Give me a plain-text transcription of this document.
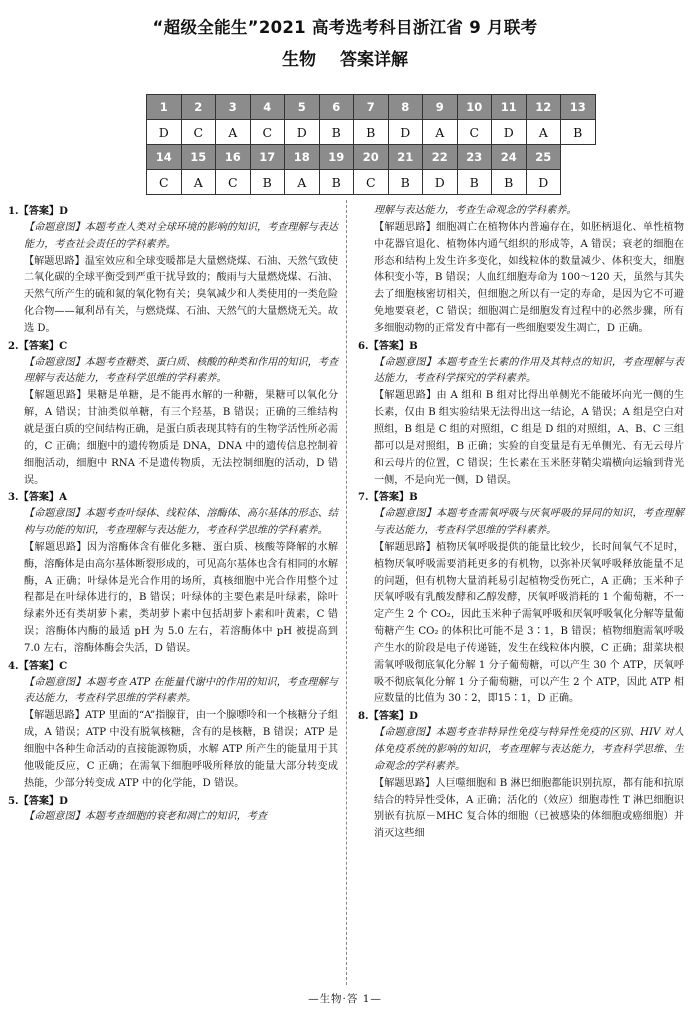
“超级全能生”2021 高考选考科目浙江省 9 月联考
生物 答案详解
1	2	3	4	5	6	7	8	9	10	11	12	13
D	C	A	C	D	B	B	D	A	C	D	A	B
14	15	16	17	18	19	20	21	22	23	24	25	
C	A	C	B	A	B	C	B	D	B	B	D	

1.【答案】D

【命题意图】本题考查人类对全球环境的影响的知识，考查理解与表达能力，考查社会责任的学科素养。

【解题思路】温室效应和全球变暖都是大量燃烧煤、石油、天然气致使二氧化碳的全球平衡受到严重干扰导致的；酸雨与大量燃烧煤、石油、天然气所产生的硫和氮的氧化物有关；臭氧减少和人类使用的一类危险化合物——氟利昂有关，与燃烧煤、石油、天然气的大量燃烧无关。故选 D。

2.【答案】C

【命题意图】本题考查糖类、蛋白质、核酸的种类和作用的知识，考查理解与表达能力，考查科学思维的学科素养。

【解题思路】果糖是单糖，是不能再水解的一种糖，果糖可以氧化分解，A 错误；甘油类似单糖，有三个羟基，B 错误；正确的三维结构就是蛋白质的空间结构正确，是蛋白质表现其特有的生物学活性所必需的，C 正确；细胞中的遗传物质是 DNA，DNA 中的遗传信息控制着细胞活动，细胞中 RNA 不是遗传物质，无法控制细胞的活动，D 错误。

3.【答案】A

【命题意图】本题考查叶绿体、线粒体、溶酶体、高尔基体的形态、结构与功能的知识，考查理解与表达能力，考查科学思维的学科素养。

【解题思路】因为溶酶体含有催化多糖、蛋白质、核酸等降解的水解酶，溶酶体是由高尔基体断裂形成的，可见高尔基体也含有相同的水解酶，A 正确；叶绿体是光合作用的场所，真核细胞中光合作用整个过程都是在叶绿体进行的，B 错误；叶绿体的主要色素是叶绿素，除叶绿素外还有类胡萝卜素，类胡萝卜素中包括胡萝卜素和叶黄素，C 错误；溶酶体内酶的最适 pH 为 5.0 左右，若溶酶体中 pH 被提高到 7.0 左右，溶酶体酶会失活，D 错误。

4.【答案】C

【命题意图】本题考查 ATP 在能量代谢中的作用的知识，考查理解与表达能力，考查科学思维的学科素养。

【解题思路】ATP 里面的“A”指腺苷，由一个腺嘌呤和一个核糖分子组成，A 错误；ATP 中没有脱氧核糖，含有的是核糖，B 错误；ATP 是细胞中各种生命活动的直接能源物质，水解 ATP 所产生的能量用于其他吸能反应，C 正确；在需氧下细胞呼吸所释放的能量大部分转变成热能，少部分转变成 ATP 中的化学能，D 错误。

5.【答案】D

【命题意图】本题考查细胞的衰老和凋亡的知识，考查

理解与表达能力，考查生命观念的学科素养。

【解题思路】细胞凋亡在植物体内普遍存在，如胚柄退化、单性植物中花器官退化、植物体内通气组织的形成等，A 错误；衰老的细胞在形态和结构上发生许多变化，如线粒体的数量减少、体积变大，细胞体积变小等，B 错误；人血红细胞寿命为 100～120 天，虽然与其失去了细胞核密切相关，但细胞之所以有一定的寿命，是因为它不可避免地要衰老，C 错误；细胞凋亡是细胞发育过程中的必然步骤，所有多细胞动物的正常发育中都有一些细胞要发生凋亡，D 正确。

6.【答案】B

【命题意图】本题考查生长素的作用及其特点的知识，考查理解与表达能力，考查科学探究的学科素养。

【解题思路】由 A 组和 B 组对比得出单侧光不能破坏向光一侧的生长素，仅由 B 组实验结果无法得出这一结论，A 错误；A 组是空白对照组，B 组是 C 组的对照组，C 组是 D 组的对照组，A、B、C 三组都可以是对照组，B 正确；实验的自变量是有无单侧光、有无云母片和云母片的位置，C 错误；生长素在玉米胚芽鞘尖端横向运输到背光一侧，不是向光一侧，D 错误。

7.【答案】B

【命题意图】本题考查需氧呼吸与厌氧呼吸的异同的知识，考查理解与表达能力，考查科学思维的学科素养。

【解题思路】植物厌氧呼吸提供的能量比较少，长时间氧气不足时，植物厌氧呼吸需要消耗更多的有机物，以弥补厌氧呼吸释放能量不足的问题，但有机物大量消耗易引起植物受伤死亡，A 正确；玉米种子厌氧呼吸有乳酸发酵和乙醇发酵，厌氧呼吸消耗的 1 个葡萄糖，不一定产生 2 个 CO₂，因此玉米种子需氧呼吸和厌氧呼吸氧化分解等量葡萄糖产生 CO₂ 的体积比可能不是 3∶1，B 错误；植物细胞需氧呼吸产生水的阶段是电子传递链，发生在线粒体内膜，C 正确；甜菜块根需氧呼吸彻底氧化分解 1 分子葡萄糖，可以产生 30 个 ATP，厌氧呼吸不彻底氧化分解 1 分子葡萄糖，可以产生 2 个 ATP，因此 ATP 相应数量的比值为 30∶2，即15∶1，D 正确。

8.【答案】D

【命题意图】本题考查非特异性免疫与特异性免疫的区别、HIV 对人体免疫系统的影响的知识，考查理解与表达能力，考查科学思维、生命观念的学科素养。

【解题思路】人巨噬细胞和 B 淋巴细胞都能识别抗原，都有能和抗原结合的特异性受体，A 正确；活化的（效应）细胞毒性 T 淋巴细胞识别嵌有抗原－MHC 复合体的细胞（已被感染的体细胞或癌细胞）并消灭这些细

—生物·答 1—
